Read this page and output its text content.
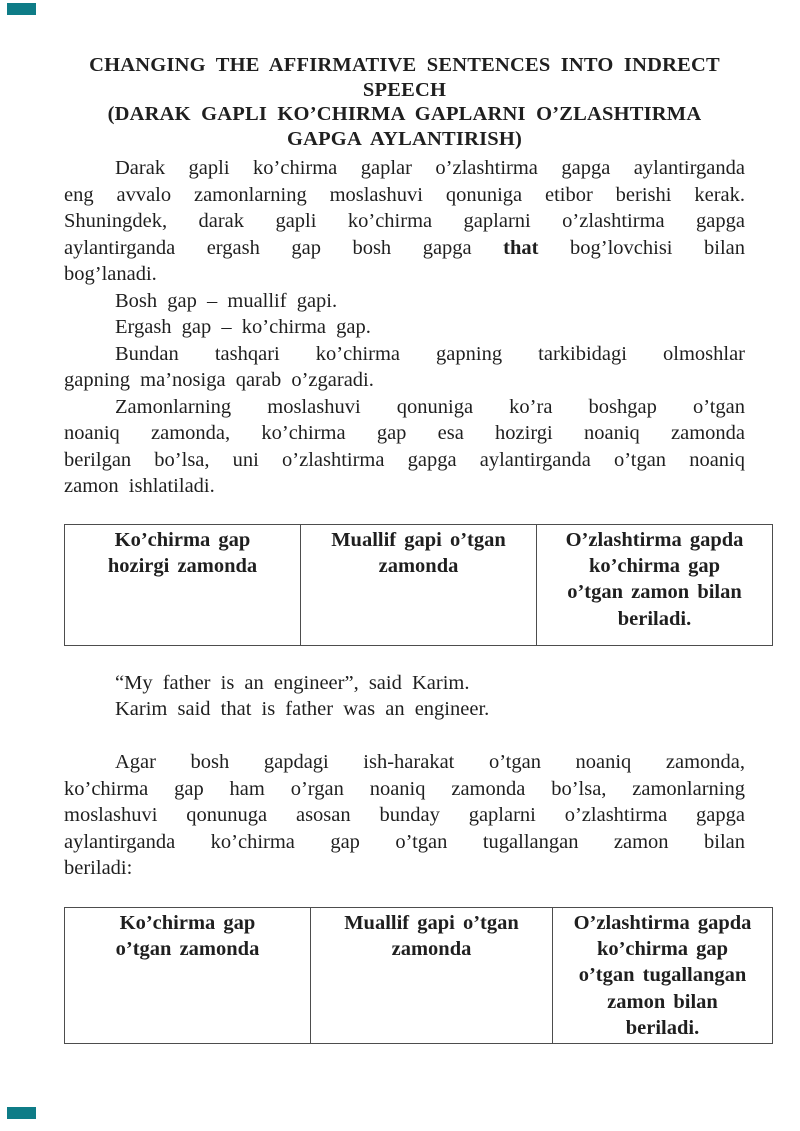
CHANGING THE AFFIRMATIVE SENTENCES INTO INDRECT
SPEECH
(DARAK GAPLI KO’CHIRMA GAPLARNI O’ZLASHTIRMA
GAPGA AYLANTIRISH)
Darak gapli ko’chirma gaplar o’zlashtirma gapga aylantirganda
eng avvalo zamonlarning moslashuvi qonuniga etibor berishi kerak.
Shuningdek, darak gapli ko’chirma gaplarni o’zlashtirma gapga
aylantirganda ergash gap bosh gapga that bog’lovchisi bilan
bog’lanadi.
Bosh gap – muallif gapi.
Ergash gap – ko’chirma gap.
Bundan tashqari ko’chirma gapning tarkibidagi olmoshlar
gapning ma’nosiga qarab o’zgaradi.
Zamonlarning moslashuvi qonuniga ko’ra boshgap o’tgan
noaniq zamonda, ko’chirma gap esa hozirgi noaniq zamonda
berilgan bo’lsa, uni o’zlashtirma gapga aylantirganda o’tgan noaniq
zamon ishlatiladi.
Ko’chirma gap
hozirgi zamonda

Muallif gapi o’tgan
zamonda

O’zlashtirma gapda
ko’chirma gap
o’tgan zamon bilan
beriladi.
“My father is an engineer”, said Karim.
Karim said that is father was an engineer.
Agar bosh gapdagi ish-harakat o’tgan noaniq zamonda,
ko’chirma gap ham o’rgan noaniq zamonda bo’lsa, zamonlarning
moslashuvi qonunuga asosan bunday gaplarni o’zlashtirma gapga
aylantirganda ko’chirma gap o’tgan tugallangan zamon bilan
beriladi:
Ko’chirma gap
o’tgan zamonda

Muallif gapi o’tgan
zamonda

O’zlashtirma gapda
ko’chirma gap
o’tgan tugallangan
zamon bilan
beriladi.
